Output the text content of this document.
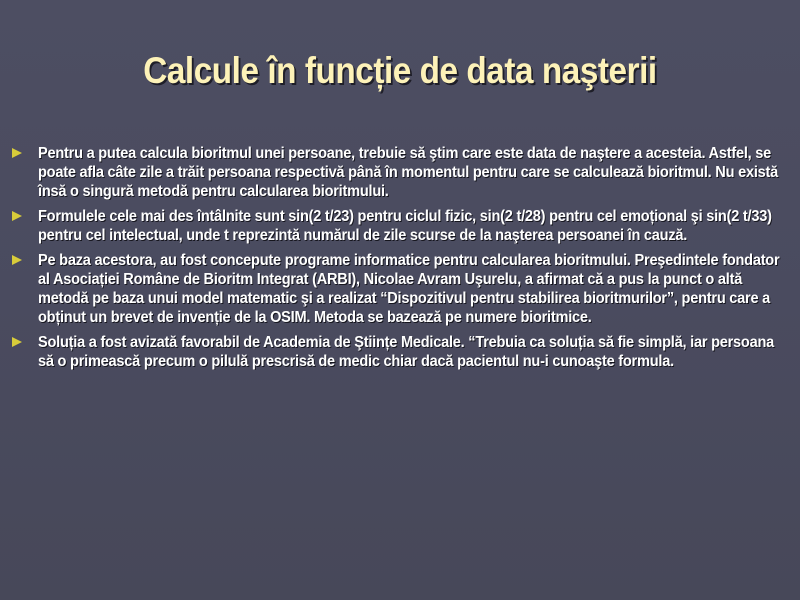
Calcule în funcție de data naşterii
Pentru a putea calcula bioritmul unei persoane, trebuie să ştim care este data de naştere a acesteia. Astfel, se poate afla câte zile a trăit persoana respectivă până în momentul pentru care se calculează bioritmul. Nu există însă o singură metodă pentru calcularea bioritmului.
Formulele cele mai des întâlnite sunt sin(2 t/23) pentru ciclul fizic, sin(2 t/28) pentru cel emoțional şi sin(2 t/33) pentru cel intelectual, unde t reprezintă numărul de zile scurse de la naşterea persoanei în cauză.
Pe baza acestora, au fost concepute programe informatice pentru calcularea bioritmului. Preşedintele fondator al Asociației Române de Bioritm Integrat (ARBI), Nicolae Avram Uşurelu, a afirmat că a pus la punct o altă metodă pe baza unui model matematic şi a realizat “Dispozitivul pentru stabilirea bioritmurilor”, pentru care a obținut un brevet de invenție de la OSIM. Metoda se bazează pe numere bioritmice.
Soluția a fost avizată favorabil de Academia de Ştiințe Medicale. “Trebuia ca soluția să fie simplă, iar persoana să o primească precum o pilulă prescrisă de medic chiar dacă pacientul nu-i cunoaşte formula.
